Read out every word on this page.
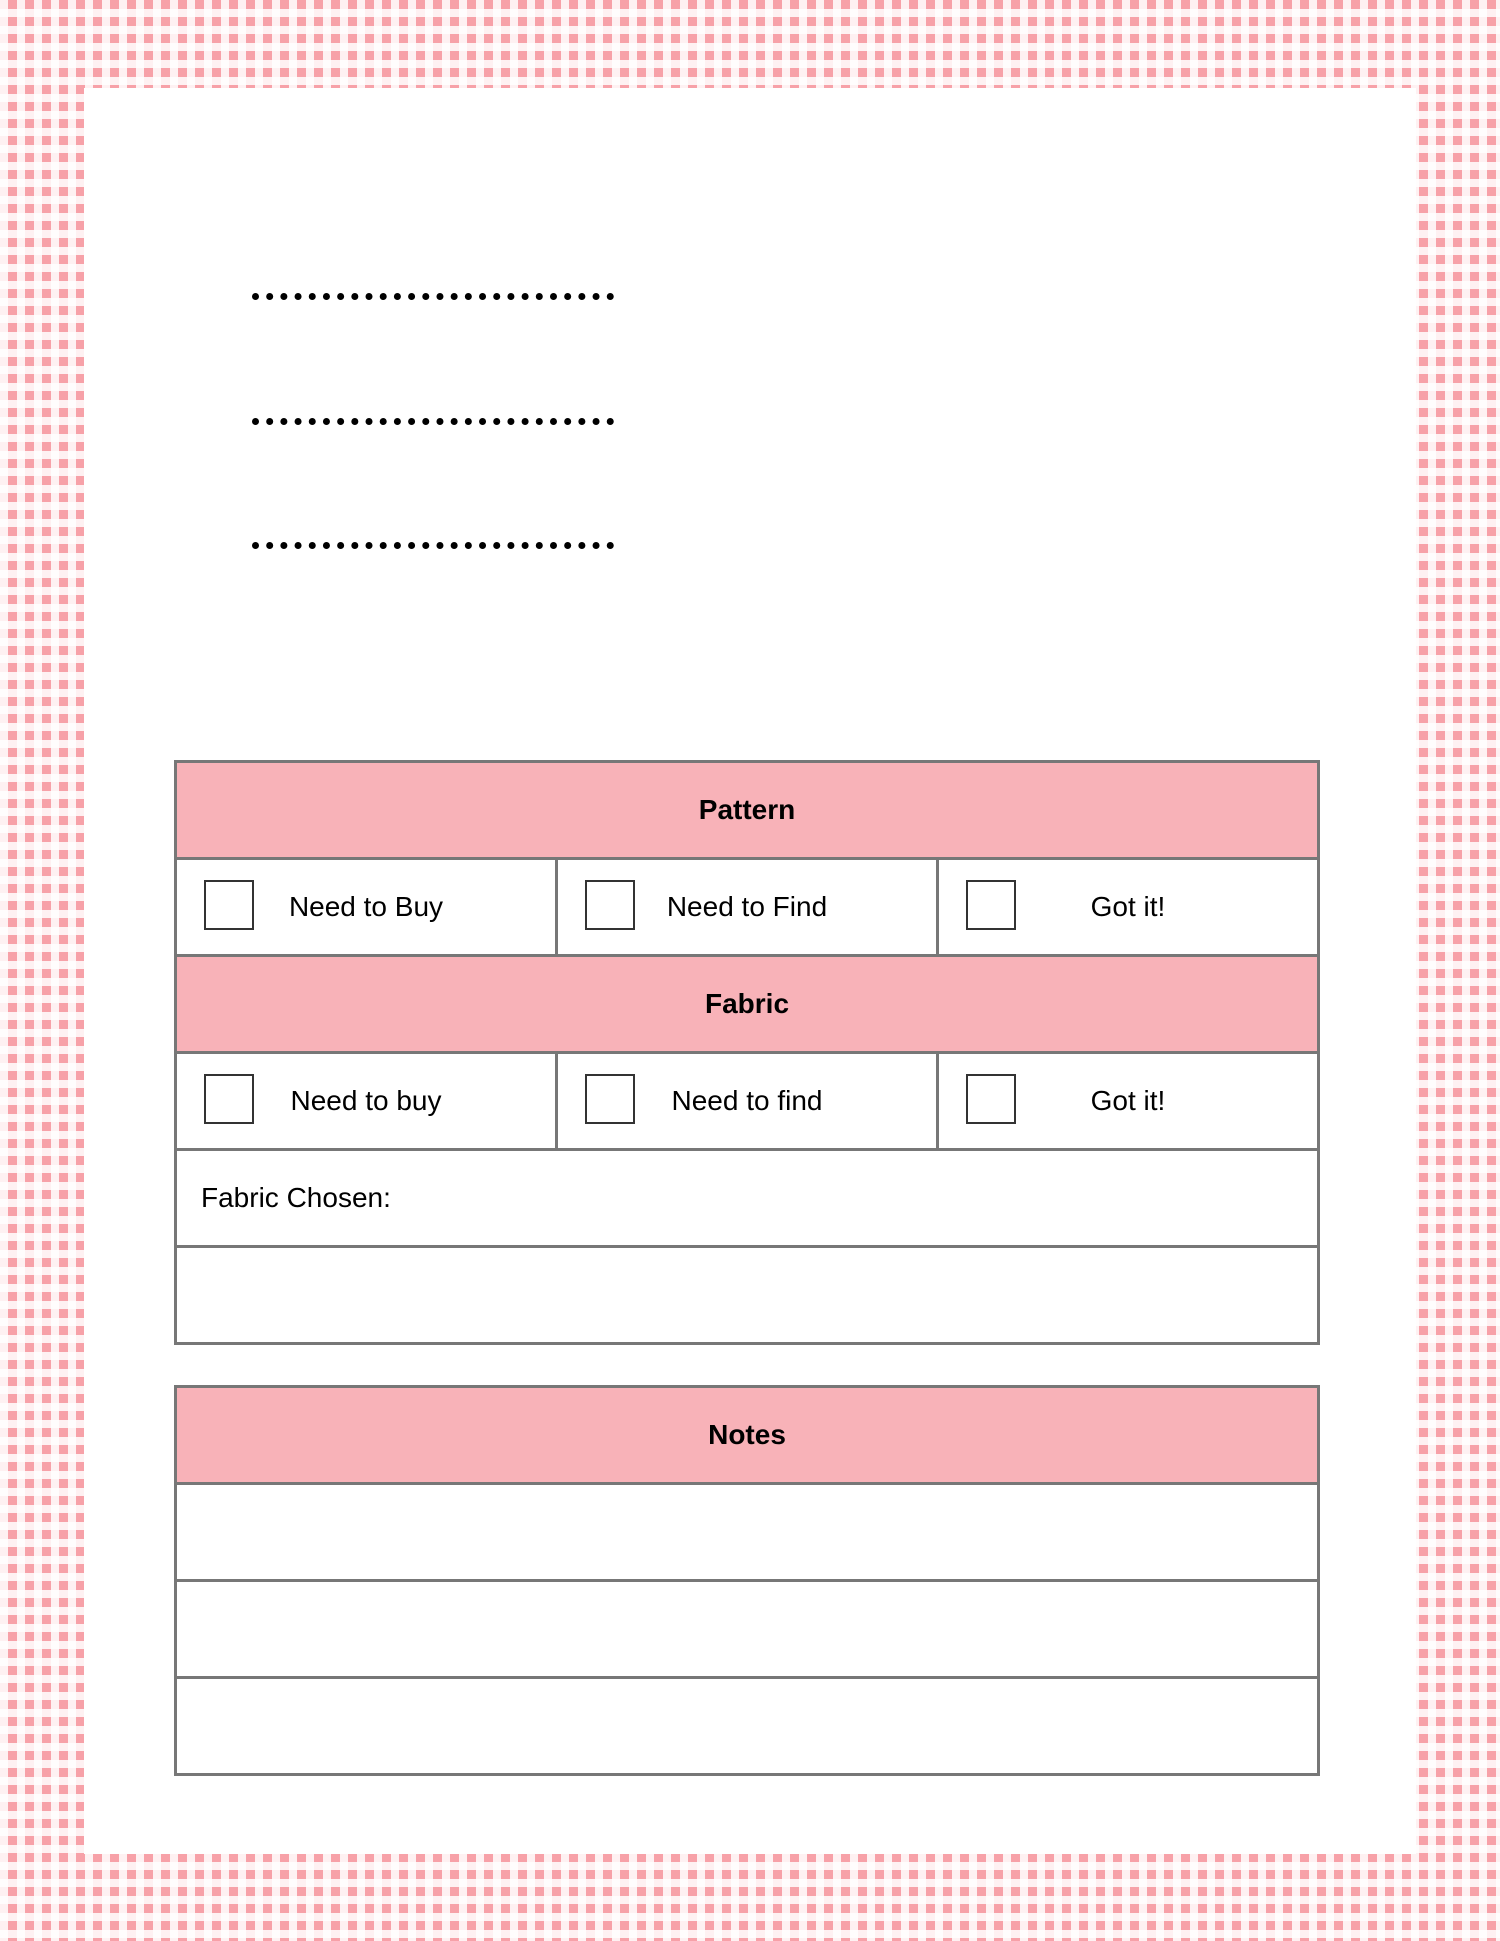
Pattern		

Need to Buy	Need to Find	Got it!

Fabric		

Need to buy	Need to find	Got it!

Fabric Chosen:		

Notes
